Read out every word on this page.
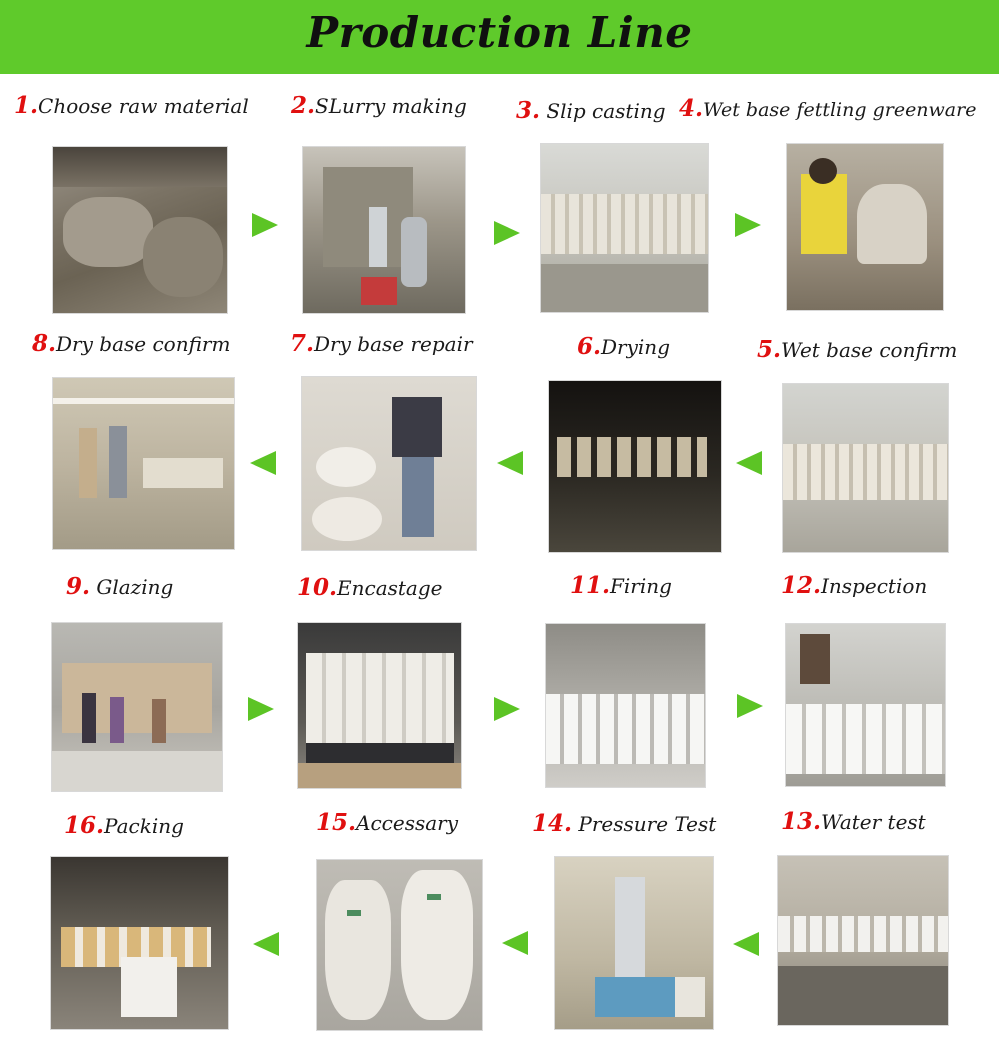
Production Line
1.Choose raw material 2.SLurry making 3. Slip casting 4.Wet base fettling greenware
8.Dry base confirm	7.Dry base repair	6.Drying	5.Wet base confirm
9. Glazing	10.Encastage	11.Firing	12.Inspection
16.Packing	15.Accessary	14. Pressure Test	13.Water test
